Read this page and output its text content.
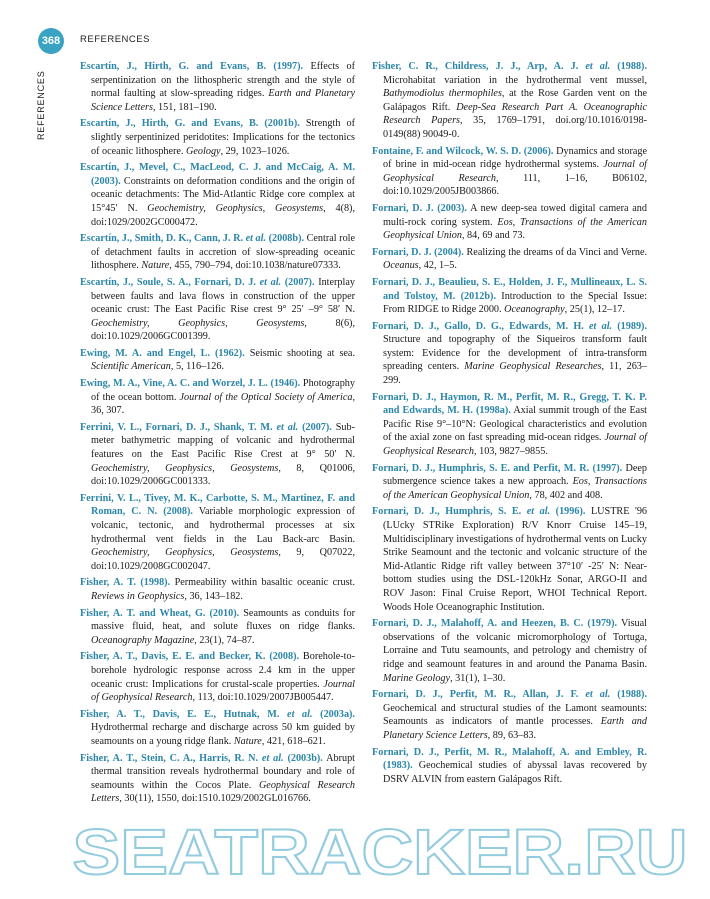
368 REFERENCES
REFERENCES

Escartín, J., Hirth, G. and Evans, B. (1997). Effects of serpentinization on the lithospheric strength and the style of normal faulting at slow-spreading ridges. Earth and Planetary Science Letters, 151, 181–190.

Escartín, J., Hirth, G. and Evans, B. (2001b). Strength of slightly serpentinized peridotites: Implications for the tectonics of oceanic lithosphere. Geology, 29, 1023–1026.

Escartín, J., Mevel, C., MacLeod, C. J. and McCaig, A. M. (2003). Constraints on deformation conditions and the origin of oceanic detachments: The Mid-Atlantic Ridge core complex at 15°45′ N. Geochemistry, Geophysics, Geosystems, 4(8), doi:1029/2002GC000472.

Escartín, J., Smith, D. K., Cann, J. R. et al. (2008b). Central role of detachment faults in accretion of slow-spreading oceanic lithosphere. Nature, 455, 790–794, doi:10.1038/nature07333.

Escartín, J., Soule, S. A., Fornari, D. J. et al. (2007). Interplay between faults and lava flows in construction of the upper oceanic crust: The East Pacific Rise crest 9° 25′ –9° 58′ N. Geochemistry, Geophysics, Geosystems, 8(6), doi:10.1029/2006GC001399.

Ewing, M. A. and Engel, L. (1962). Seismic shooting at sea. Scientific American, 5, 116–126.

Ewing, M. A., Vine, A. C. and Worzel, J. L. (1946). Photography of the ocean bottom. Journal of the Optical Society of America, 36, 307.

Ferrini, V. L., Fornari, D. J., Shank, T. M. et al. (2007). Sub-meter bathymetric mapping of volcanic and hydrothermal features on the East Pacific Rise Crest at 9° 50′ N. Geochemistry, Geophysics, Geosystems, 8, Q01006, doi:10.1029/2006GC001333.

Ferrini, V. L., Tivey, M. K., Carbotte, S. M., Martinez, F. and Roman, C. N. (2008). Variable morphologic expression of volcanic, tectonic, and hydrothermal processes at six hydrothermal vent fields in the Lau Back-arc Basin. Geochemistry, Geophysics, Geosystems, 9, Q07022, doi:10.1029/2008GC002047.

Fisher, A. T. (1998). Permeability within basaltic oceanic crust. Reviews in Geophysics, 36, 143–182.

Fisher, A. T. and Wheat, G. (2010). Seamounts as conduits for massive fluid, heat, and solute fluxes on ridge flanks. Oceanography Magazine, 23(1), 74–87.

Fisher, A. T., Davis, E. E. and Becker, K. (2008). Borehole-to-borehole hydrologic response across 2.4 km in the upper oceanic crust: Implications for crustal-scale properties. Journal of Geophysical Research, 113, doi:10.1029/2007JB005447.

Fisher, A. T., Davis, E. E., Hutnak, M. et al. (2003a). Hydrothermal recharge and discharge across 50 km guided by seamounts on a young ridge flank. Nature, 421, 618–621.

Fisher, A. T., Stein, C. A., Harris, R. N. et al. (2003b). Abrupt thermal transition reveals hydrothermal boundary and role of seamounts within the Cocos Plate. Geophysical Research Letters, 30(11), 1550, doi:1510.1029/2002GL016766.

Fisher, C. R., Childress, J. J., Arp, A. J. et al. (1988). Microhabitat variation in the hydrothermal vent mussel, Bathymodiolus thermophiles, at the Rose Garden vent on the Galápagos Rift. Deep-Sea Research Part A. Oceanographic Research Papers, 35, 1769–1791, doi.org/10.1016/0198-0149(88) 90049-0.

Fontaine, F. and Wilcock, W. S. D. (2006). Dynamics and storage of brine in mid-ocean ridge hydrothermal systems. Journal of Geophysical Research, 111, 1–16, B06102, doi:10.1029/2005JB003866.

Fornari, D. J. (2003). A new deep-sea towed digital camera and multi-rock coring system. Eos, Transactions of the American Geophysical Union, 84, 69 and 73.

Fornari, D. J. (2004). Realizing the dreams of da Vinci and Verne. Oceanus, 42, 1–5.

Fornari, D. J., Beaulieu, S. E., Holden, J. F., Mullineaux, L. S. and Tolstoy, M. (2012b). Introduction to the Special Issue: From RIDGE to Ridge 2000. Oceanography, 25(1), 12–17.

Fornari, D. J., Gallo, D. G., Edwards, M. H. et al. (1989). Structure and topography of the Siqueiros transform fault system: Evidence for the development of intra-transform spreading centers. Marine Geophysical Researches, 11, 263–299.

Fornari, D. J., Haymon, R. M., Perfit, M. R., Gregg, T. K. P. and Edwards, M. H. (1998a). Axial summit trough of the East Pacific Rise 9°–10°N: Geological characteristics and evolution of the axial zone on fast spreading mid-ocean ridges. Journal of Geophysical Research, 103, 9827–9855.

Fornari, D. J., Humphris, S. E. and Perfit, M. R. (1997). Deep submergence science takes a new approach. Eos, Transactions of the American Geophysical Union, 78, 402 and 408.

Fornari, D. J., Humphris, S. E. et al. (1996). LUSTRE '96 (LUcky STRike Exploration) R/V Knorr Cruise 145–19, Multidisciplinary investigations of hydrothermal vents on Lucky Strike Seamount and the tectonic and volcanic structure of the Mid-Atlantic Ridge rift valley between 37°10′ -25′ N: Near-bottom studies using the DSL-120kHz Sonar, ARGO-II and ROV Jason: Final Cruise Report, WHOI Technical Report. Woods Hole Oceanographic Institution.

Fornari, D. J., Malahoff, A. and Heezen, B. C. (1979). Visual observations of the volcanic micromorphology of Tortuga, Lorraine and Tutu seamounts, and petrology and chemistry of ridge and seamount features in and around the Panama Basin. Marine Geology, 31(1), 1–30.

Fornari, D. J., Perfit, M. R., Allan, J. F. et al. (1988). Geochemical and structural studies of the Lamont seamounts: Seamounts as indicators of mantle processes. Earth and Planetary Science Letters, 89, 63–83.

Fornari, D. J., Perfit, M. R., Malahoff, A. and Embley, R. (1983). Geochemical studies of abyssal lavas recovered by DSRV ALVIN from eastern Galápagos Rift.

SEATRACKER.RU
